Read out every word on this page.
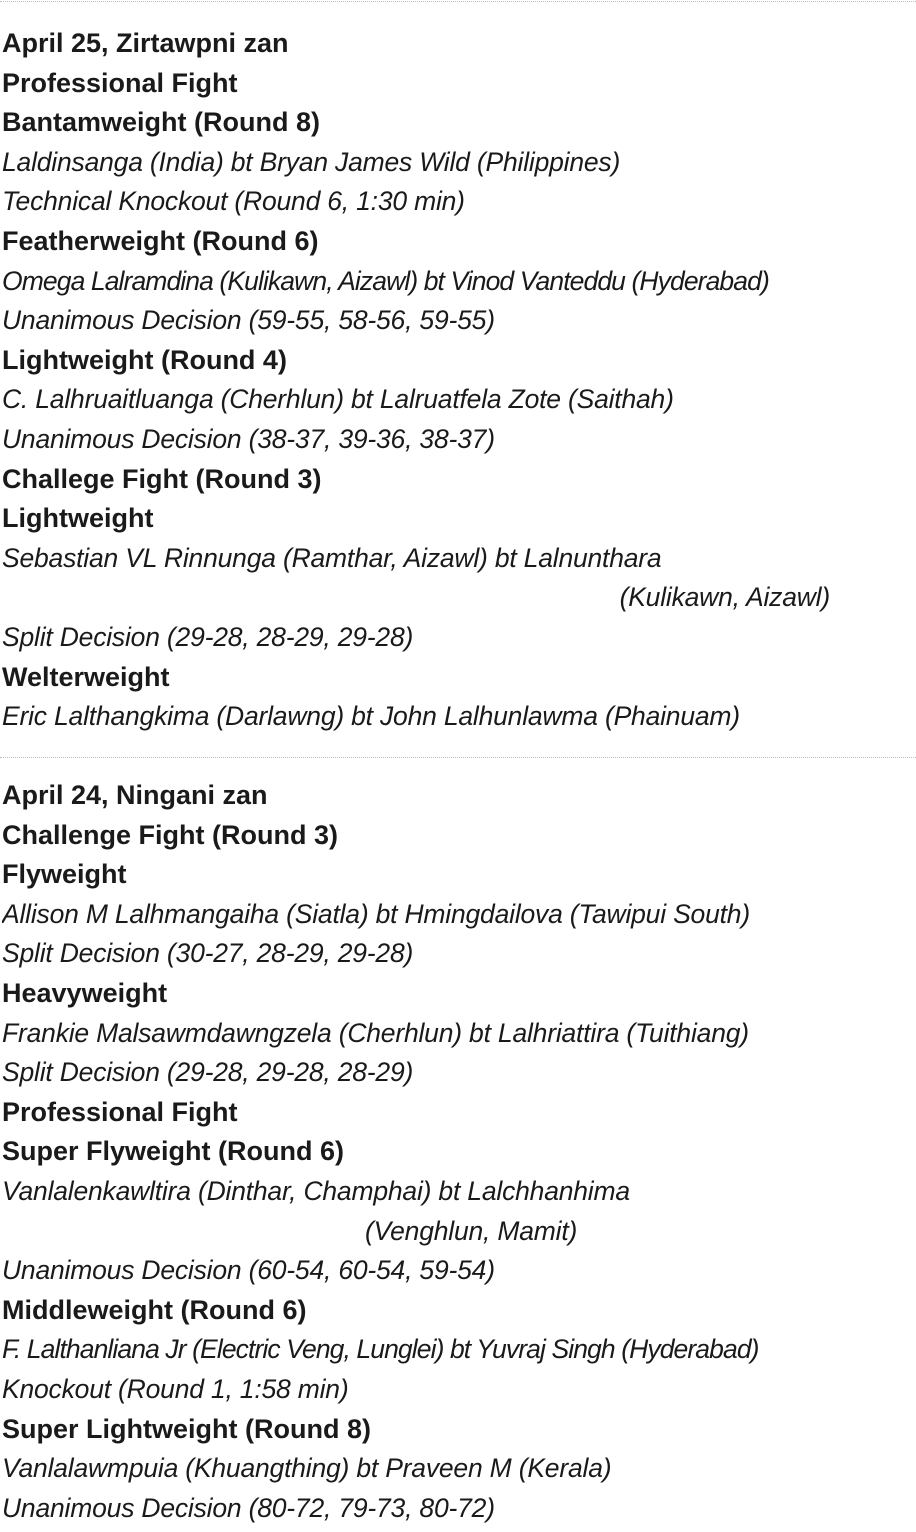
April 25, Zirtawpni zan
Professional Fight
Bantamweight (Round 8)
Laldinsanga (India) bt Bryan James Wild (Philippines)
Technical Knockout (Round 6, 1:30 min)
Featherweight (Round 6)
Omega Lalramdina (Kulikawn, Aizawl) bt Vinod Vanteddu (Hyderabad)
Unanimous Decision (59-55, 58-56, 59-55)
Lightweight (Round 4)
C. Lalhruaitluanga (Cherhlun) bt Lalruatfela Zote (Saithah)
Unanimous Decision (38-37, 39-36, 38-37)
Challege Fight (Round 3)
Lightweight
Sebastian VL Rinnunga (Ramthar, Aizawl) bt Lalnunthara
(Kulikawn, Aizawl)
Split Decision (29-28, 28-29, 29-28)
Welterweight
Eric Lalthangkima (Darlawng) bt John Lalhunlawma (Phainuam)
April 24, Ningani zan
Challenge Fight (Round 3)
Flyweight
Allison M Lalhmangaiha (Siatla) bt Hmingdailova (Tawipui South)
Split Decision (30-27, 28-29, 29-28)
Heavyweight
Frankie Malsawmdawngzela (Cherhlun) bt Lalhriattira (Tuithiang)
Split Decision (29-28, 29-28, 28-29)
Professional Fight
Super Flyweight (Round 6)
Vanlalenkawltira (Dinthar, Champhai) bt Lalchhanhima
(Venghlun, Mamit)
Unanimous Decision (60-54, 60-54, 59-54)
Middleweight (Round 6)
F. Lalthanliana Jr (Electric Veng, Lunglei) bt Yuvraj Singh (Hyderabad)
Knockout (Round 1, 1:58 min)
Super Lightweight (Round 8)
Vanlalawmpuia (Khuangthing) bt Praveen M (Kerala)
Unanimous Decision (80-72, 79-73, 80-72)
